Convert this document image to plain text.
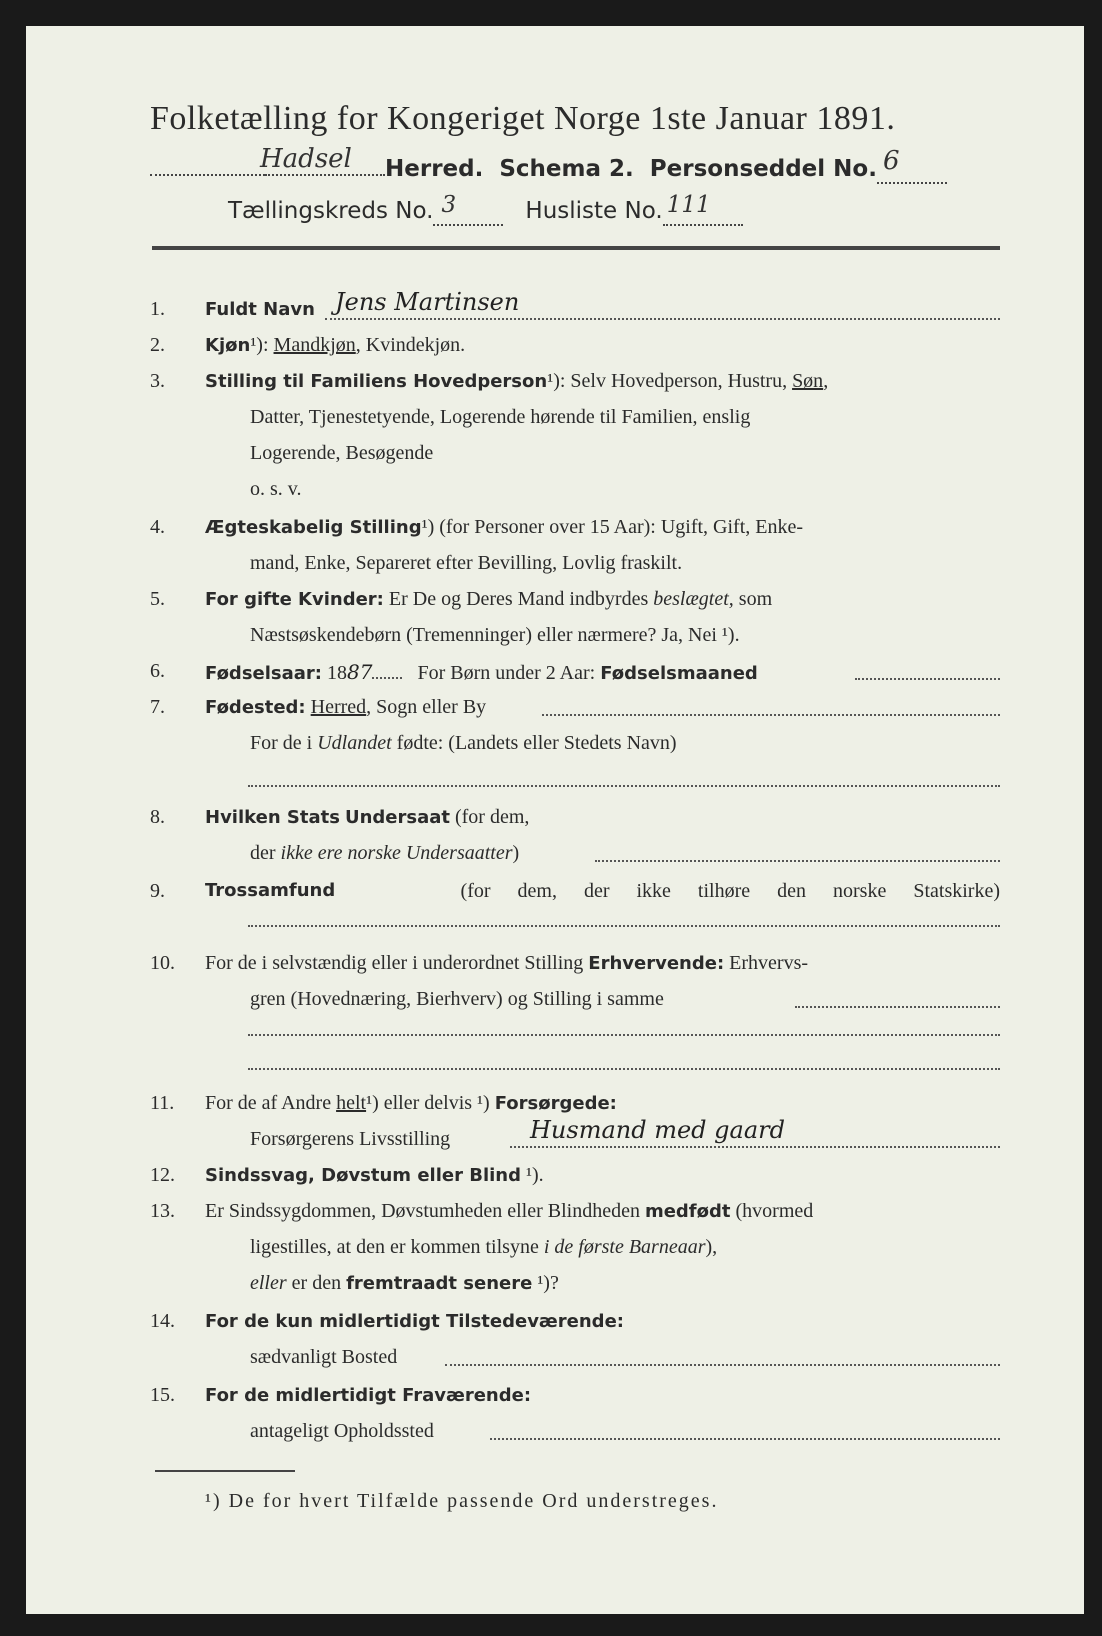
Folketælling for Kongeriget Norge 1ste Januar 1891.
Hadsel Herred. Schema 2. Personseddel No. 6

Tællingskreds No. 3	Husliste No. 111

1.	Fuldt Navn Jens Martinsen
2.	Kjøn¹): Mandkjøn, Kvindekjøn.
3.	Stilling til Familiens Hovedperson¹): Selv Hovedperson, Hustru, Søn,
Datter, Tjenestetyende, Logerende hørende til Familien, enslig
Logerende, Besøgende
o. s. v.
4.	Ægteskabelig Stilling¹) (for Personer over 15 Aar): Ugift, Gift, Enke-
mand, Enke, Separeret efter Bevilling, Lovlig fraskilt.
5.	For gifte Kvinder: Er De og Deres Mand indbyrdes beslægtet, som
Næstsøskendebørn (Tremenninger) eller nærmere? Ja, Nei ¹).
6.	Fødselsaar: 1887 For Børn under 2 Aar: Fødselsmaaned
7.	Fødested: Herred, Sogn eller By
For de i Udlandet fødte: (Landets eller Stedets Navn)
8.	Hvilken Stats Undersaat (for dem,
der ikke ere norske Undersaatter)
9.	Trossamfund	(for dem, der ikke tilhøre den norske Statskirke)
10.	For de i selvstændig eller i underordnet Stilling Erhvervende: Erhvervs-
gren (Hovednæring, Bierhverv) og Stilling i samme
11.	For de af Andre helt¹) eller delvis ¹) Forsørgede:
Forsørgerens Livsstilling	Husmand med gaard
12.	Sindssvag, Døvstum eller Blind ¹).
13.	Er Sindssygdommen, Døvstumheden eller Blindheden medfødt (hvormed
ligestilles, at den er kommen tilsyne i de første Barneaar),
eller er den fremtraadt senere ¹)?
14.	For de kun midlertidigt Tilstedeværende:
sædvanligt Bosted
15.	For de midlertidigt Fraværende:
antageligt Opholdssted
¹) De for hvert Tilfælde passende Ord understreges.
